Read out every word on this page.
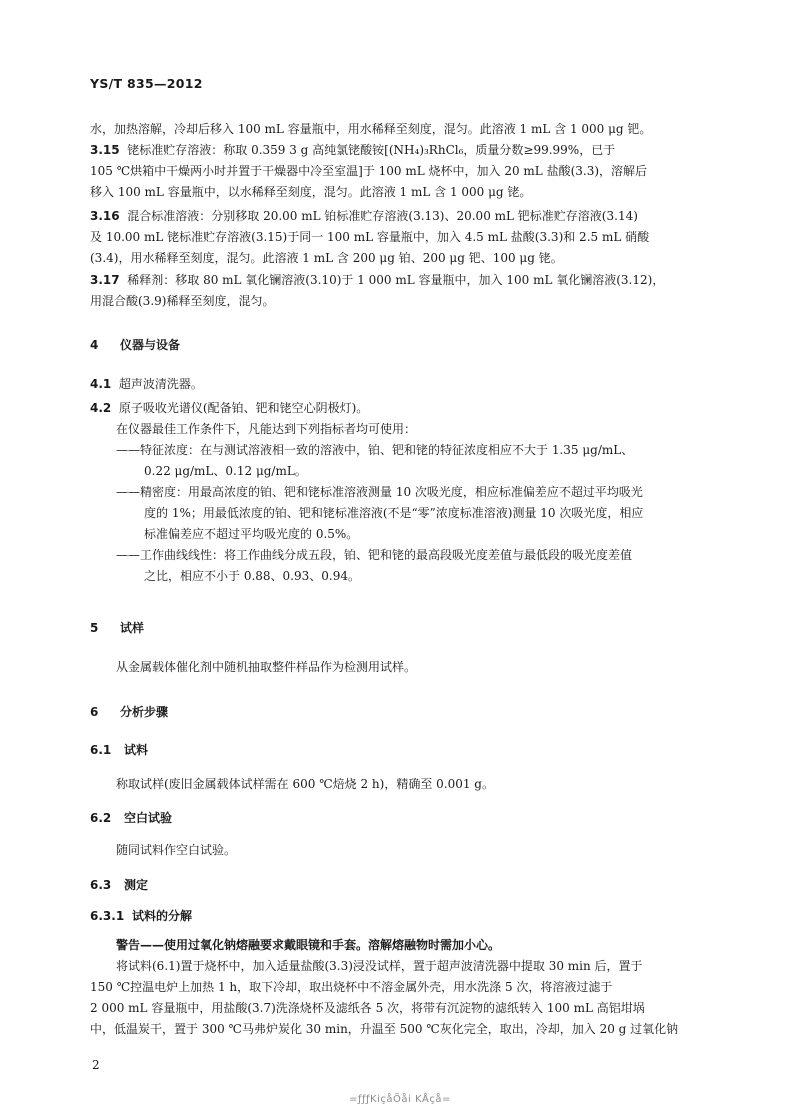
YS/T 835—2012
水，加热溶解，冷却后移入 100 mL 容量瓶中，用水稀释至刻度，混匀。此溶液 1 mL 含 1 000 μg 钯。
3.15 铑标准贮存溶液：称取 0.359 3 g 高纯氯铑酸铵[(NH₄)₃RhCl₆，质量分数≥99.99%，已于
105 ℃烘箱中干燥两小时并置于干燥器中冷至室温]于 100 mL 烧杯中，加入 20 mL 盐酸(3.3)，溶解后
移入 100 mL 容量瓶中，以水稀释至刻度，混匀。此溶液 1 mL 含 1 000 μg 铑。
3.16 混合标准溶液：分别移取 20.00 mL 铂标准贮存溶液(3.13)、20.00 mL 钯标准贮存溶液(3.14)
及 10.00 mL 铑标准贮存溶液(3.15)于同一 100 mL 容量瓶中，加入 4.5 mL 盐酸(3.3)和 2.5 mL 硝酸
(3.4)，用水稀释至刻度，混匀。此溶液 1 mL 含 200 μg 铂、200 μg 钯、100 μg 铑。
3.17 稀释剂：移取 80 mL 氧化镧溶液(3.10)于 1 000 mL 容量瓶中，加入 100 mL 氧化镧溶液(3.12)，
用混合酸(3.9)稀释至刻度，混匀。
4 仪器与设备
4.1 超声波清洗器。
4.2 原子吸收光谱仪(配备铂、钯和铑空心阴极灯)。
在仪器最佳工作条件下，凡能达到下列指标者均可使用：
——特征浓度：在与测试溶液相一致的溶液中，铂、钯和铑的特征浓度相应不大于 1.35 μg/mL、
0.22 μg/mL、0.12 μg/mL。
——精密度：用最高浓度的铂、钯和铑标准溶液测量 10 次吸光度，相应标准偏差应不超过平均吸光
度的 1%；用最低浓度的铂、钯和铑标准溶液(不是“零”浓度标准溶液)测量 10 次吸光度，相应
标准偏差应不超过平均吸光度的 0.5%。
——工作曲线线性：将工作曲线分成五段，铂、钯和铑的最高段吸光度差值与最低段的吸光度差值
之比，相应不小于 0.88、0.93、0.94。
5 试样
从金属载体催化剂中随机抽取整件样品作为检测用试样。
6 分析步骤
6.1 试料
称取试样(废旧金属载体试样需在 600 ℃焙烧 2 h)，精确至 0.001 g。
6.2 空白试验
随同试料作空白试验。
6.3 测定
6.3.1 试料的分解
警告——使用过氧化钠熔融要求戴眼镜和手套。溶解熔融物时需加小心。
将试料(6.1)置于烧杯中，加入适量盐酸(3.3)浸没试样，置于超声波清洗器中提取 30 min 后，置于
150 ℃控温电炉上加热 1 h，取下冷却，取出烧杯中不溶金属外壳，用水洗涤 5 次，将溶液过滤于
2 000 mL 容量瓶中，用盐酸(3.7)洗涤烧杯及滤纸各 5 次，将带有沉淀物的滤纸转入 100 mL 高铝坩埚
中，低温炭干，置于 300 ℃马弗炉炭化 30 min，升温至 500 ℃灰化完全，取出，冷却，加入 20 g 过氧化钠
2
=ƒƒƒKiçåÕåi KÅçå=
